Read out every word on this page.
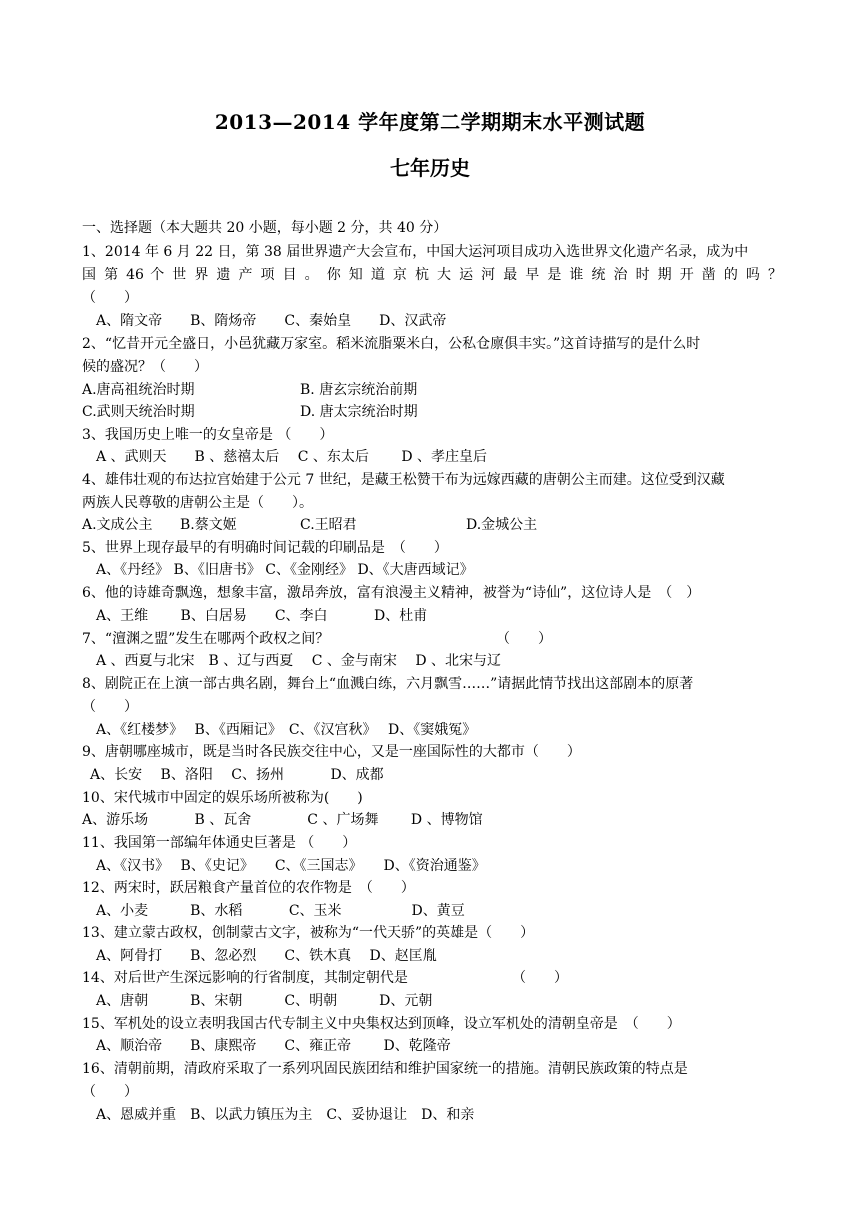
2013—2014 学年度第二学期期末水平测试题
七年历史
一、选择题（本大题共 20 小题，每小题 2 分，共 40 分）
1、2014 年 6 月 22 日，第 38 届世界遗产大会宣布，中国大运河项目成功入选世界文化遗产名录，成为中
国 第 46 个 世 界 遗 产 项 目 。 你 知 道 京 杭 大 运 河 最 早 是 谁 统 治 时 期 开 凿 的 吗 ？
（　　）
A、隋文帝　　B、隋炀帝　　C、秦始皇　　D、汉武帝
2、“忆昔开元全盛日，小邑犹藏万家室。稻米流脂粟米白，公私仓廪俱丰实。”这首诗描写的是什么时
候的盛况？（　　）
A.唐高祖统治时期	B. 唐玄宗统治前期
C.武则天统治时期	D. 唐太宗统治时期
3、我国历史上唯一的女皇帝是 （　　）
A 、武则天　　B 、慈禧太后　 C 、东太后　　 D 、孝庄皇后
4、雄伟壮观的布达拉宫始建于公元 7 世纪，是藏王松赞干布为远嫁西藏的唐朝公主而建。这位受到汉藏
两族人民尊敬的唐朝公主是（　　）。
A.文成公主 B.蔡文姬	C.王昭君	D.金城公主
5、世界上现存最早的有明确时间记载的印刷品是　（　　）
A、《丹经》 B、《旧唐书》 C、《金刚经》 D、《大唐西域记》
6、他的诗雄奇飘逸，想象丰富，激昂奔放，富有浪漫主义精神，被誉为“诗仙”，这位诗人是　（　）
A、王维　　 B、白居易　　C、李白　　　 D、杜甫
7、“澶渊之盟”发生在哪两个政权之间？	（　　）
A 、西夏与北宋　B 、辽与西夏　 C 、金与南宋　 D 、北宋与辽
8、剧院正在上演一部古典名剧，舞台上“血溅白练，六月飘雪……”请据此情节找出这部剧本的原著
（　　）
A、《红楼梦》　 B、《西厢记》　C、《汉宫秋》　 D、《窦娥冤》
9、唐朝哪座城市，既是当时各民族交往中心，又是一座国际性的大都市（　　）
A、长安　 B、洛阳　 C、扬州　　　 D、成都
10、宋代城市中固定的娱乐场所被称为(　　)
A、游乐场　　　 B 、瓦舍　　　　C 、广场舞　　 D 、博物馆
11、我国第一部编年体通史巨著是 （　　）
A、《汉书》　 B、《史记》　　C、《三国志》　　D、《资治通鉴》
12、两宋时，跃居粮食产量首位的农作物是　（　　）
A、小麦　　　B、水稻　　　 C、玉米　　　　　D、黄豆
13、建立蒙古政权，创制蒙古文字，被称为“一代天骄”的英雄是（　　）
A、阿骨打　　B、忽必烈　　C、铁木真　 D、赵匡胤
14、对后世产生深远影响的行省制度，其制定朝代是	（　　）
A、唐朝　　　B、宋朝　　　C、明朝　　　D、元朝
15、军机处的设立表明我国古代专制主义中央集权达到顶峰，设立军机处的清朝皇帝是　（　　）
A、顺治帝　　B、康熙帝　　C、雍正帝　　 D、乾隆帝
16、清朝前期，清政府采取了一系列巩固民族团结和维护国家统一的措施。清朝民族政策的特点是
（　　）
A、恩威并重　B、以武力镇压为主　C、妥协退让　D、和亲
